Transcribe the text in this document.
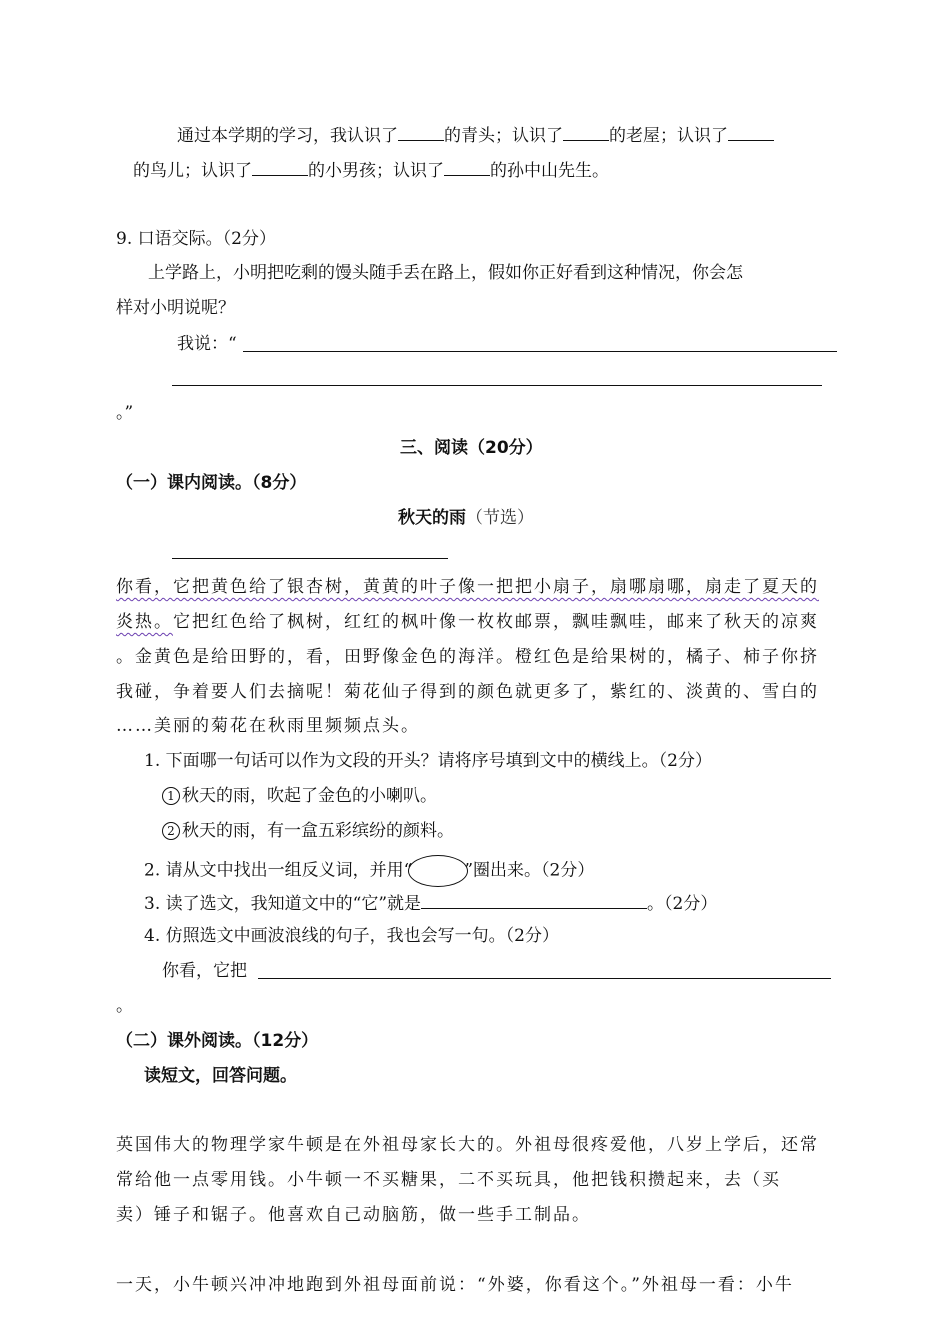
通过本学期的学习，我认识了	的青头；认识了	的老屋；认识了
的鸟儿；认识了	的小男孩；认识了	的孙中山先生。
9. 口语交际。（2分）
上学路上，小明把吃剩的馒头随手丢在路上，假如你正好看到这种情况，你会怎
样对小明说呢？
我说：“
。”
三、阅读（20分）
（一）课内阅读。（8分）
秋天的雨（节选）
你看，它把黄色给了银杏树，黄黄的叶子像一把把小扇子，扇哪扇哪，扇走了夏天的
炎热。它把红色给了枫树，红红的枫叶像一枚枚邮票，飘哇飘哇，邮来了秋天的凉爽
。金黄色是给田野的，看，田野像金色的海洋。橙红色是给果树的，橘子、柿子你挤
我碰，争着要人们去摘呢！菊花仙子得到的颜色就更多了，紫红的、淡黄的、雪白的
……美丽的菊花在秋雨里频频点头。
1. 下面哪一句话可以作为文段的开头？请将序号填到文中的横线上。（2分）
1 秋天的雨，吹起了金色的小喇叭。
2 秋天的雨，有一盒五彩缤纷的颜料。
2. 请从文中找出一组反义词，并用“	”圈出来。（2分）
3. 读了选文，我知道文中的“它”就是	。（2分）
4. 仿照选文中画波浪线的句子，我也会写一句。（2分）
你看，它把
。
（二）课外阅读。（12分）
读短文，回答问题。
英国伟大的物理学家牛顿是在外祖母家长大的。外祖母很疼爱他，八岁上学后，还常
常给他一点零用钱。小牛顿一不买糖果，二不买玩具，他把钱积攒起来，去（买
卖）锤子和锯子。他喜欢自己动脑筋，做一些手工制品。
一天，小牛顿兴冲冲地跑到外祖母面前说：“外婆，你看这个。”外祖母一看：小牛
